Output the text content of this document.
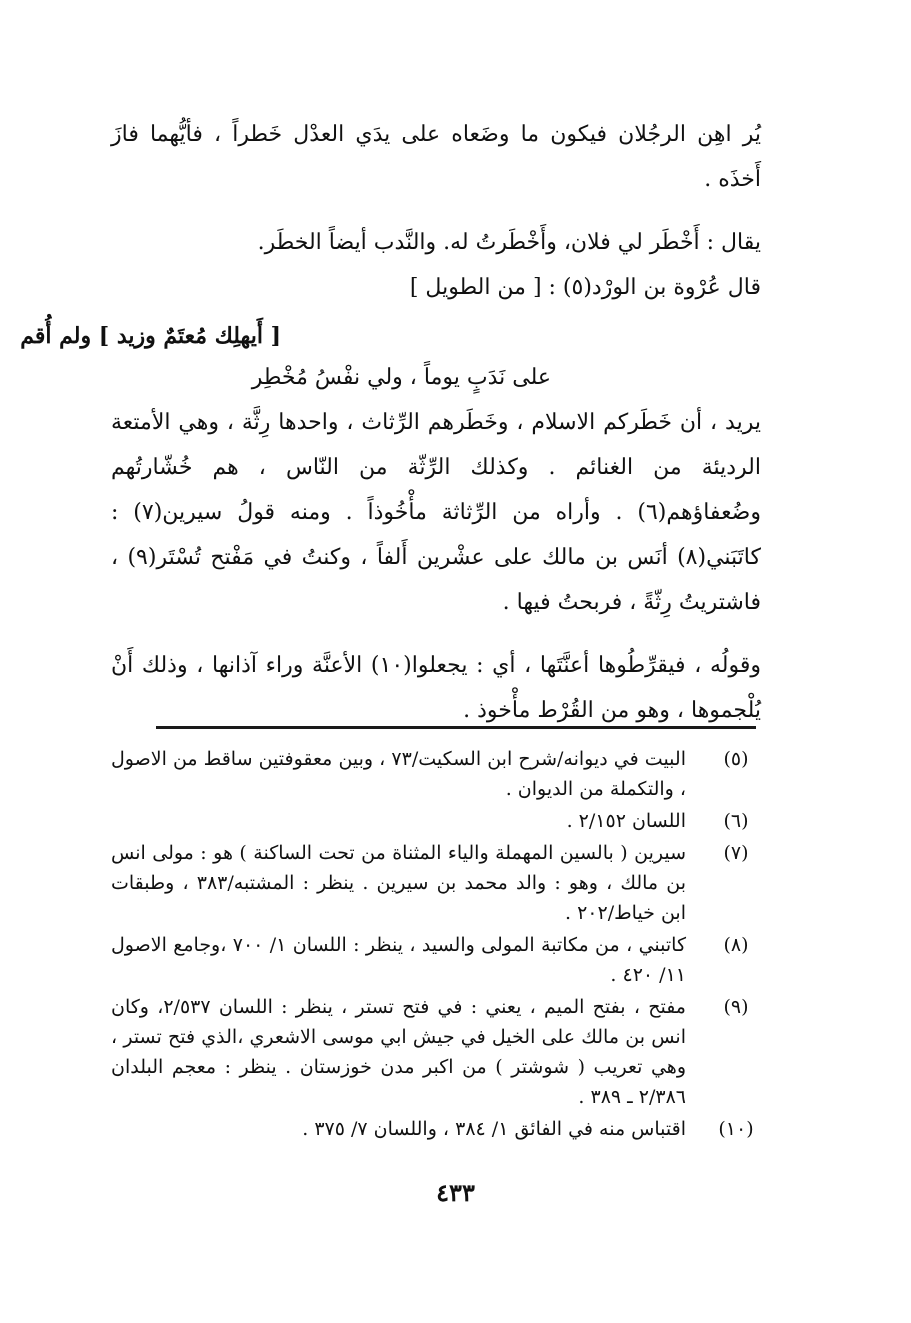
يُر اهِن الرجُلان فيكون ما وضَعاه على يدَي العدْل خَطراً ، فأيُّهما فازَ أَخذَه .

يقال : أَخْطَر لي فلان، وأَخْطَرتُ له. والنَّدب أيضاً الخطَر.

قال عُرْوة بن الورْد(٥) : [ من الطويل ]

[ أَيهلِك مُعتَمٌ وزيد ] ولم أُقم

على نَدَبٍ يوماً ، ولي نفْسُ مُخْطِر

يريد ، أن خَطَركم الاسلام ، وخَطَرهم الرِّثاث ، واحدها رِثَّة ، وهي الأمتعة الرديئة من الغنائم . وكذلك الرِّثّة من النّاس ، هم خُشّارتُهم وضُعفاؤهم(٦) . وأراه من الرِّثاثة مأْخُوذاً . ومنه قولُ سيرين(٧) : كاتَبَني(٨) أنَس بن مالك على عشْرين أَلفاً ، وكنتُ في مَفْتح تُسْتَر(٩) ، فاشتريتُ رِثّةً ، فربحتُ فيها .

وقولُه ، فيقرِّطُوها أعنَّتَها ، أي : يجعلوا(١٠) الأعنَّة وراء آذانها ، وذلك أَنْ يُلْجموها ، وهو من القُرْط مأْخوذ .

(٥)
البيت في ديوانه/شرح ابن السكيت/٧٣ ، وبين معقوفتين ساقط من الاصول ، والتكملة من الديوان .
(٦)
اللسان ٢/١٥٢ .
(٧)
سيرين ( بالسين المهملة والياء المثناة من تحت الساكنة ) هو : مولى انس بن مالك ، وهو : والد محمد بن سيرين . ينظر : المشتبه/٣٨٣ ، وطبقات ابن خياط/٢٠٢ .
(٨)
كاتبني ، من مكاتبة المولى والسيد ، ينظر : اللسان ١/ ٧٠٠ ،وجامع الاصول ١١/ ٤٢٠ .
(٩)
مفتح ، بفتح الميم ، يعني : في فتح تستر ، ينظر : اللسان ٢/٥٣٧، وكان انس بن مالك على الخيل في جيش ابي موسى الاشعري ،الذي فتح تستر ، وهي تعريب ( شوشتر ) من اكبر مدن خوزستان . ينظر : معجم البلدان ٢/٣٨٦ ـ ٣٨٩ .
(١٠)
اقتباس منه في الفائق ١/ ٣٨٤ ، واللسان ٧/ ٣٧٥ .
٤٣٣
